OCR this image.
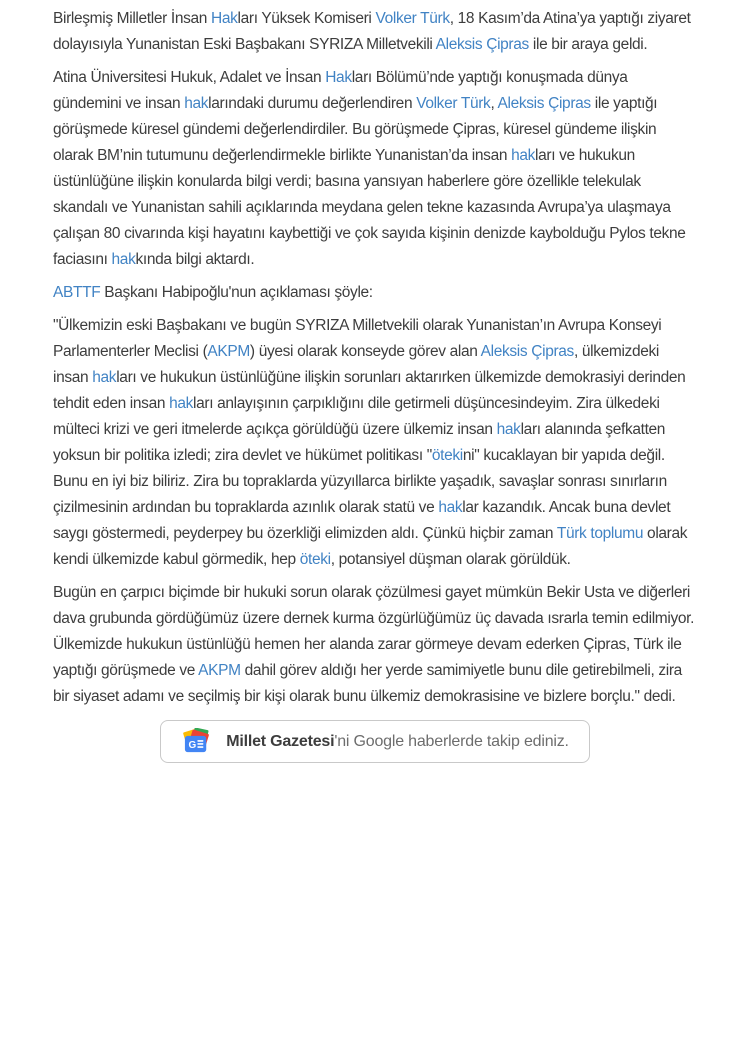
Birleşmiş Milletler İnsan Hakları Yüksek Komiseri Volker Türk, 18 Kasım’da Atina’ya yaptığı ziyaret dolayısıyla Yunanistan Eski Başbakanı SYRIZA Milletvekili Aleksis Çipras ile bir araya geldi.

Atina Üniversitesi Hukuk, Adalet ve İnsan Hakları Bölümü’nde yaptığı konuşmada dünya gündemini ve insan haklarındaki durumu değerlendiren Volker Türk, Aleksis Çipras ile yaptığı görüşmede küresel gündemi değerlendirdiler. Bu görüşmede Çipras, küresel gündeme ilişkin olarak BM’nin tutumunu değerlendirmekle birlikte Yunanistan’da insan hakları ve hukukun üstünlüğüne ilişkin konularda bilgi verdi; basına yansıyan haberlere göre özellikle telekulak skandalı ve Yunanistan sahili açıklarında meydana gelen tekne kazasında Avrupa’ya ulaşmaya çalışan 80 civarında kişi hayatını kaybettiği ve çok sayıda kişinin denizde kaybolduğu Pylos tekne faciasını hakkında bilgi aktardı.

ABTTF Başkanı Habipoğlu'nun açıklaması şöyle:

"Ülkemizin eski Başbakanı ve bugün SYRIZA Milletvekili olarak Yunanistan’ın Avrupa Konseyi Parlamenterler Meclisi (AKPM) üyesi olarak konseyde görev alan Aleksis Çipras, ülkemizdeki insan hakları ve hukukun üstünlüğüne ilişkin sorunları aktarırken ülkemizde demokrasiyi derinden tehdit eden insan hakları anlayışının çarpıklığını dile getirmeli düşüncesindeyim. Zira ülkedeki mülteci krizi ve geri itmelerde açıkça görüldüğü üzere ülkemiz insan hakları alanında şefkatten yoksun bir politika izledi; zira devlet ve hükümet politikası "ötekini" kucaklayan bir yapıda değil. Bunu en iyi biz biliriz. Zira bu topraklarda yüzyıllarca birlikte yaşadık, savaşlar sonrası sınırların çizilmesinin ardından bu topraklarda azınlık olarak statü ve haklar kazandık. Ancak buna devlet saygı göstermedi, peyderpey bu özerkliği elimizden aldı. Çünkü hiçbir zaman Türk toplumu olarak kendi ülkemizde kabul görmedik, hep öteki, potansiyel düşman olarak görüldük.

Bugün en çarpıcı biçimde bir hukuki sorun olarak çözülmesi gayet mümkün Bekir Usta ve diğerleri dava grubunda gördüğümüz üzere dernek kurma özgürlüğümüz üç davada ısrarla temin edilmiyor. Ülkemizde hukukun üstünlüğü hemen her alanda zarar görmeye devam ederken Çipras, Türk ile yaptığı görüşmede ve AKPM dahil görev aldığı her yerde samimiyetle bunu dile getirebilmeli, zira bir siyaset adamı ve seçilmiş bir kişi olarak bunu ülkemiz demokrasisine ve bizlere borçlu." dedi.

G Millet Gazetesi'ni Google haberlerde takip ediniz.
